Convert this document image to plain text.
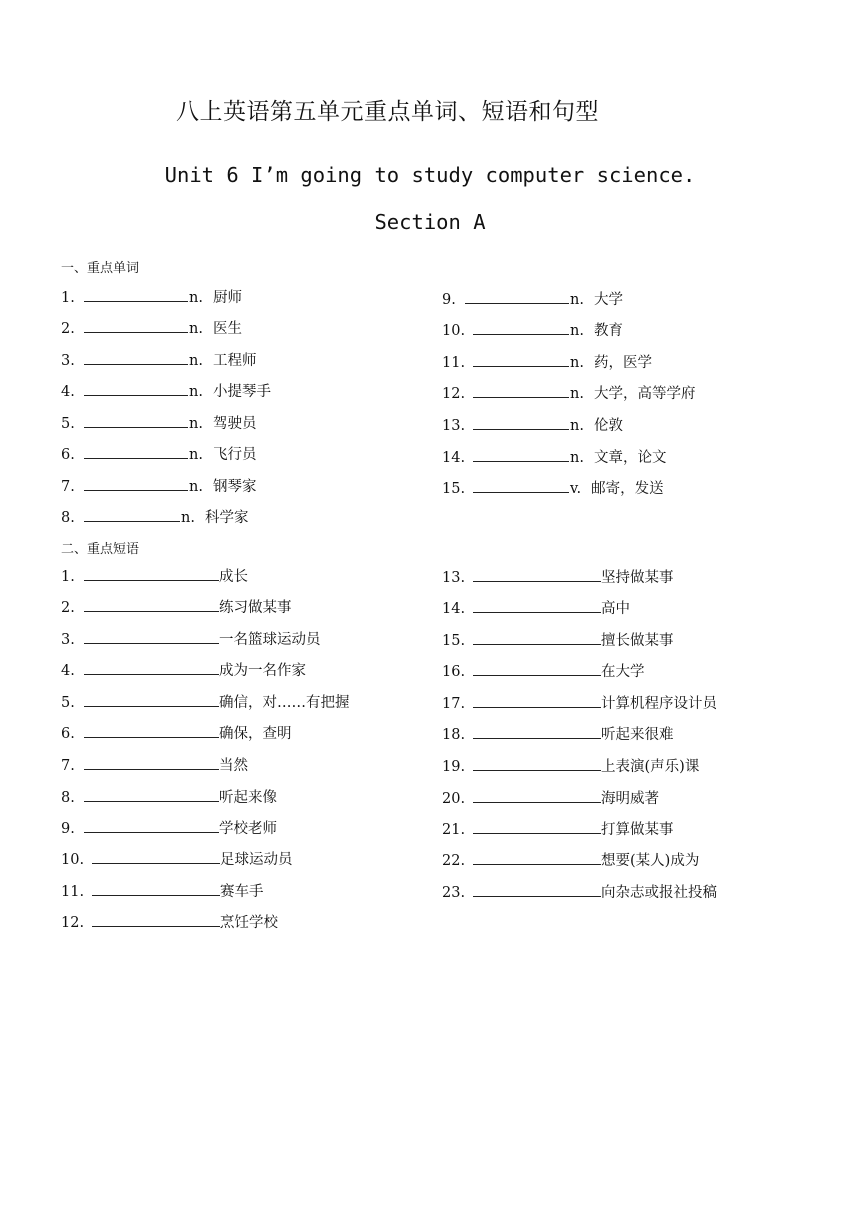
八上英语第五单元重点单词、短语和句型
Unit 6 I’m going to study computer science.
Section A
一、重点单词
二、重点短语
1.	n. 厨师
2.	n. 医生
3.	n. 工程师
4.	n. 小提琴手
5.	n. 驾驶员
6.	n. 飞行员
7.	n. 钢琴家
8.	n. 科学家
9.	n. 大学
10.	n. 教育
11.	n. 药，医学
12.	n. 大学，高等学府
13.	n. 伦敦
14.	n. 文章，论文
15.	v. 邮寄，发送
1.	成长
2.	练习做某事
3.	一名篮球运动员
4.	成为一名作家
5.	确信，对……有把握
6.	确保，查明
7.	当然
8.	听起来像
9.	学校老师
10.	足球运动员
11.	赛车手
12.	烹饪学校
13.	坚持做某事
14.	高中
15.	擅长做某事
16.	在大学
17.	计算机程序设计员
18.	听起来很难
19.	上表演(声乐)课
20.	海明威著
21.	打算做某事
22.	想要(某人)成为
23.	向杂志或报社投稿
